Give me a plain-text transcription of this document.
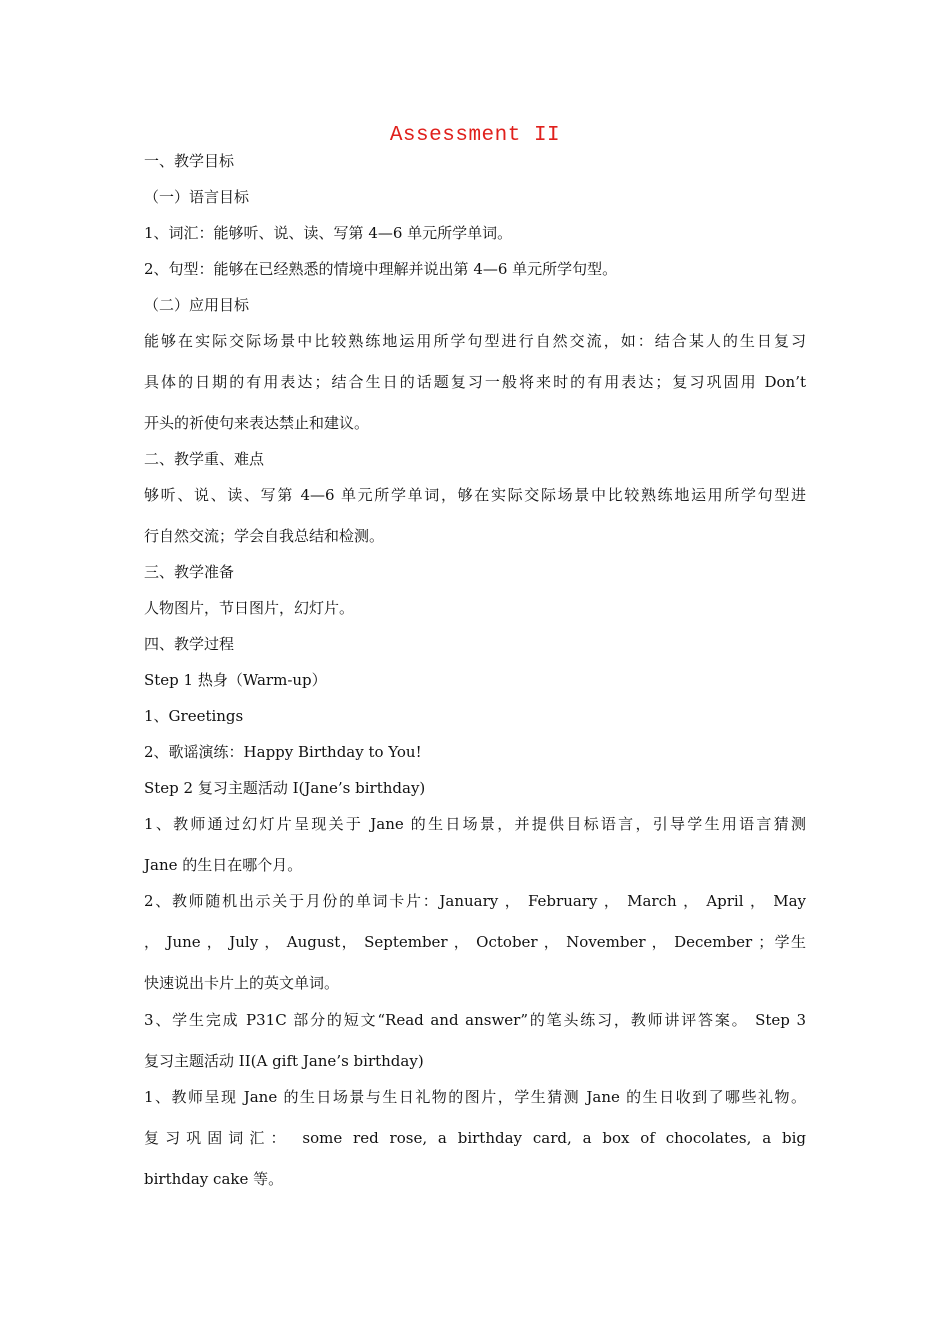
Assessment II
一、教学目标
（一）语言目标
1、词汇：能够听、说、读、写第 4—6 单元所学单词。
2、句型：能够在已经熟悉的情境中理解并说出第 4—6 单元所学句型。
（二）应用目标
能够在实际交际场景中比较熟练地运用所学句型进行自然交流，如：结合某人的生日复习
具体的日期的有用表达；结合生日的话题复习一般将来时的有用表达；复习巩固用 Don’t
开头的祈使句来表达禁止和建议。
二、教学重、难点
够听、说、读、写第 4—6 单元所学单词，够在实际交际场景中比较熟练地运用所学句型进
行自然交流；学会自我总结和检测。
三、教学准备
人物图片，节日图片，幻灯片。
四、教学过程
Step 1 热身（Warm-up）
1、Greetings
2、歌谣演练：Happy Birthday to You!
Step 2 复习主题活动 I(Jane’s birthday)
1、教师通过幻灯片呈现关于 Jane 的生日场景，并提供目标语言，引导学生用语言猜测
Jane 的生日在哪个月。
2、教师随机出示关于月份的单词卡片：January ， February ， March ， April ， May
， June ， July ， August， September ， October ， November ， December ；学生
快速说出卡片上的英文单词。
3、学生完成 P31C 部分的短文“Read and answer”的笔头练习，教师讲评答案。 Step 3
复习主题活动 II(A gift Jane’s birthday)
1、教师呈现 Jane 的生日场景与生日礼物的图片，学生猜测 Jane 的生日收到了哪些礼物。
复习巩固词汇： some red rose, a birthday card, a box of chocolates, a big
birthday cake 等。
